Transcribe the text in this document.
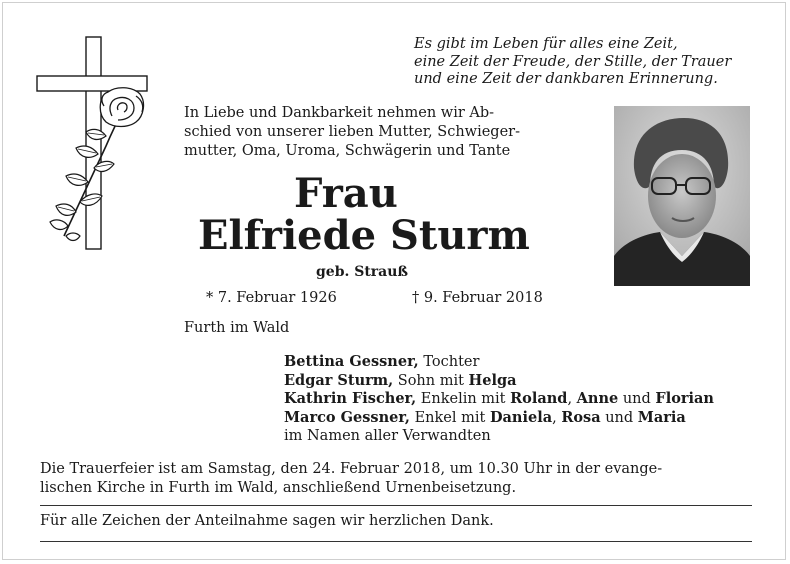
Es gibt im Leben für alles eine Zeit,
eine Zeit der Freude, der Stille, der Trauer
und eine Zeit der dankbaren Erinnerung.
In Liebe und Dankbarkeit nehmen wir Ab-
schied von unserer lieben Mutter, Schwieger-
mutter, Oma, Uroma, Schwägerin und Tante
Frau
Elfriede Sturm
geb. Strauß
* 7. Februar 1926	† 9. Februar 2018
Furth im Wald
Bettina Gessner, Tochter
Edgar Sturm, Sohn mit Helga
Kathrin Fischer, Enkelin mit Roland, Anne und Florian
Marco Gessner, Enkel mit Daniela, Rosa und Maria
im Namen aller Verwandten
Die Trauerfeier ist am Samstag, den 24. Februar 2018, um 10.30 Uhr in der evange-
lischen Kirche in Furth im Wald, anschließend Urnenbeisetzung.
Für alle Zeichen der Anteilnahme sagen wir herzlichen Dank.
